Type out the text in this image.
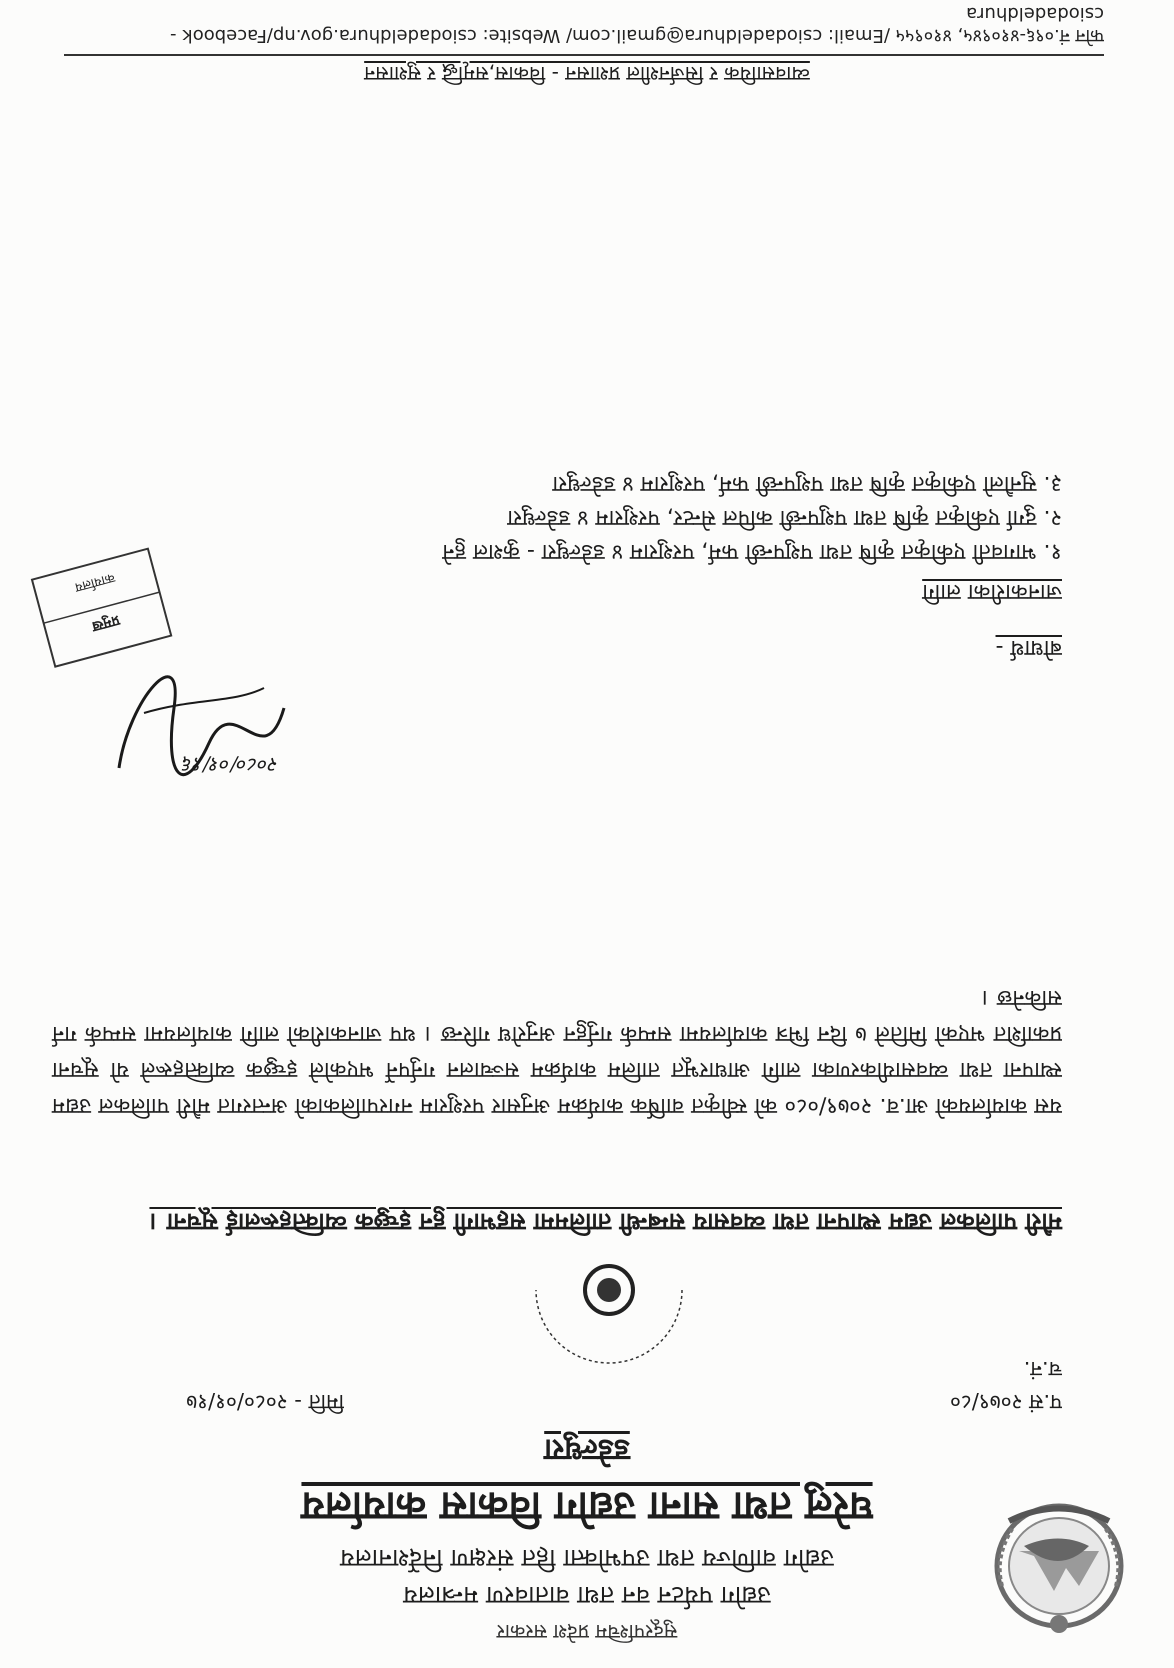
सुदूरपश्चिम प्रदेश सरकार
उद्योग पर्यटन वन तथा वातावरण मन्त्रालय
उद्योग वाणिज्य तथा उपभोक्ता हित संरक्षण निर्देशनालय
घरेलु तथा साना उद्योग विकास कार्यालय
डडेल्धुरा
प.सं २०७९/८०
च.नं.
मिति - २०८०/०१/१७
मौरी पालिकल उद्यम स्थापना तथा व्यवसाय सम्बन्धी तालिममा सहभागी हुन इच्छुक व्यक्तिहरूलाई सूचना ।

यस कार्यालयको आ.व. २०७९/०८० को स्वीकृत वार्षिक कार्यक्रम अनुसार परशुराम नगरपालिकाको अन्तरगत मौरी पालिकल उद्यम स्थापना तथा व्यवसायीकरणका लागि आधारभूत तालिम कार्यक्रम सञ्चालन गर्नुपर्ने भएकोले इच्छुक व्यक्तिहरूले यो सूचना प्रकाशित भएको मितिले ७ दिन भित्र कार्यालयमा सम्पर्क गर्नुहुन अनुरोध गरिन्छ । थप जानकारीको लागि कार्यालयमा सम्पर्क गर्न सकिनेछ ।
२०८०/०१/१६
प्रमुख
कार्यालय
बोधार्थ -
जानकारीका लागि
१. भागवती एकीकृत कृषि तथा पशुपन्छी फर्म, परशुराम ४ डडेल्धुरा - कुशल हुने
२. दुर्गा एकीकृत कृषि तथा पशुपन्छी कपिल सेन्टर, परशुराम ४ डडेल्धुरा
३. सुनौलो एकीकृत कृषि तथा पशुपन्छी फर्म, परशुराम ४ डडेल्धुरा
व्यावसायिक र सिर्जनशील प्रशासन - विकास,समृद्धि र सुशासन
फोन नं.०९६-४१०९४५, ४१०९५५ /Email: csiodadeldhura@gmail.com/ Website: csiodadeldhura.gov.np/Facebook -csiodadeldhura
